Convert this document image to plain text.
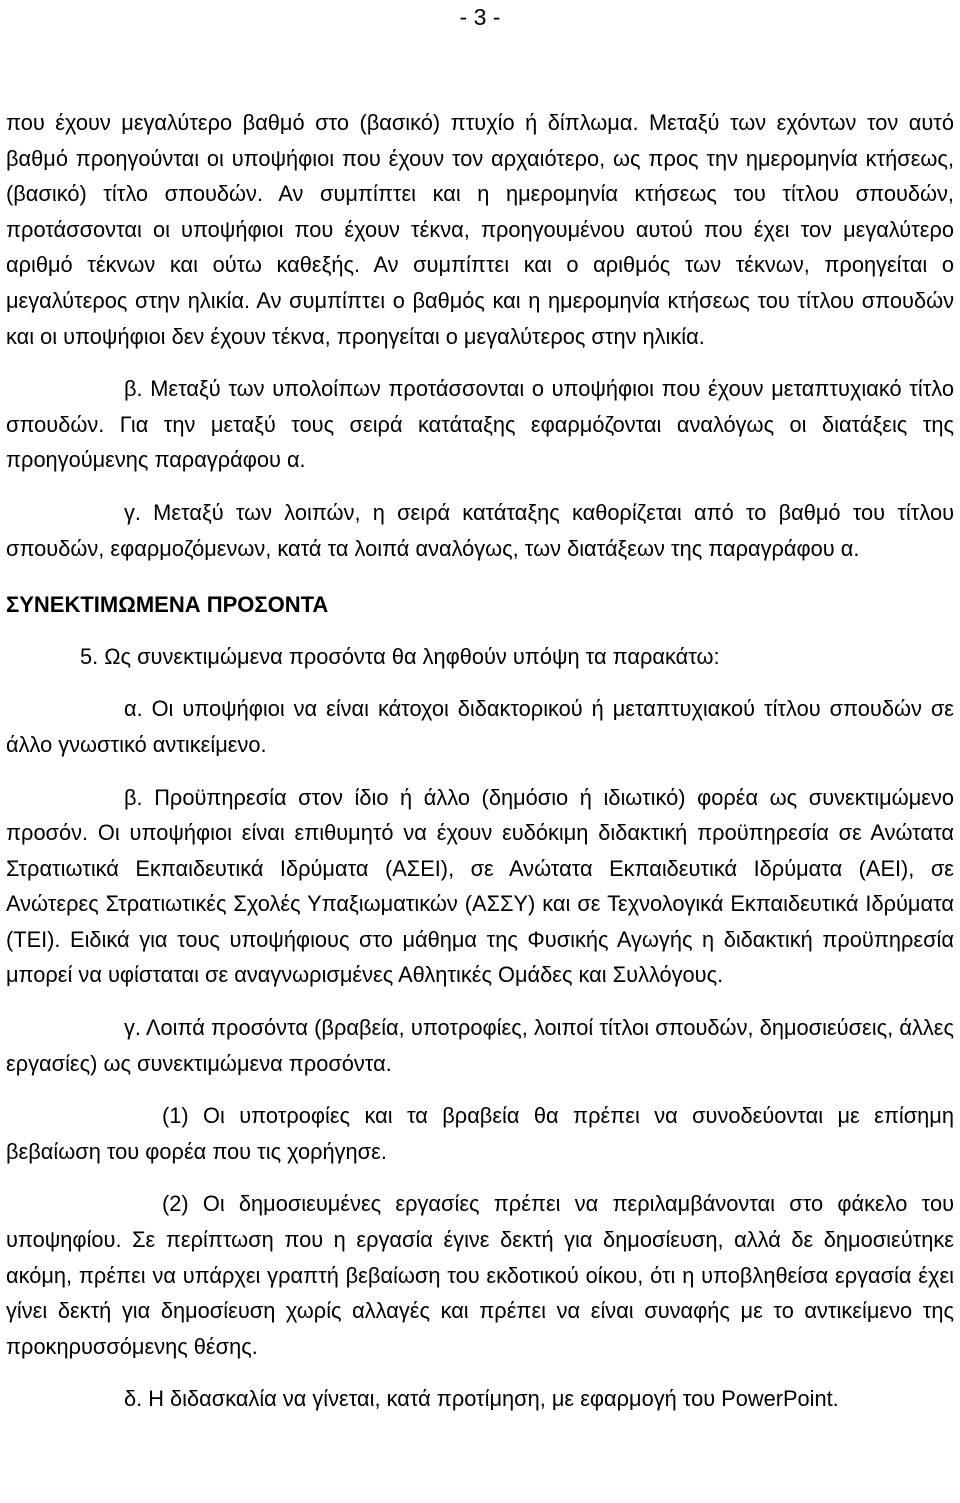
- 3 -

που έχουν μεγαλύτερο βαθμό στο (βασικό) πτυχίο ή δίπλωμα. Μεταξύ των εχόντων τον αυτό βαθμό προηγούνται οι υποψήφιοι που έχουν τον αρχαιότερο, ως προς την ημερομηνία κτήσεως, (βασικό) τίτλο σπουδών. Αν συμπίπτει και η ημερομηνία κτήσεως του τίτλου σπουδών, προτάσσονται οι υποψήφιοι που έχουν τέκνα, προηγουμένου αυτού που έχει τον μεγαλύτερο αριθμό τέκνων και ούτω καθεξής. Αν συμπίπτει και ο αριθμός των τέκνων, προηγείται ο μεγαλύτερος στην ηλικία. Αν συμπίπτει ο βαθμός και η ημερομηνία κτήσεως του τίτλου σπουδών και οι υποψήφιοι δεν έχουν τέκνα, προηγείται ο μεγαλύτερος στην ηλικία.

β. Μεταξύ των υπολοίπων προτάσσονται ο υποψήφιοι που έχουν μεταπτυχιακό τίτλο σπουδών. Για την μεταξύ τους σειρά κατάταξης εφαρμόζονται αναλόγως οι διατάξεις της προηγούμενης παραγράφου α.

γ. Μεταξύ των λοιπών, η σειρά κατάταξης καθορίζεται από το βαθμό του τίτλου σπουδών, εφαρμοζόμενων, κατά τα λοιπά αναλόγως, των διατάξεων της παραγράφου α.

ΣΥΝΕΚΤΙΜΩΜΕΝΑ ΠΡΟΣΟΝΤΑ

5. Ως συνεκτιμώμενα προσόντα θα ληφθούν υπόψη τα παρακάτω:

α. Οι υποψήφιοι να είναι κάτοχοι διδακτορικού ή μεταπτυχιακού τίτλου σπουδών σε άλλο γνωστικό αντικείμενο.

β. Προϋπηρεσία στον ίδιο ή άλλο (δημόσιο ή ιδιωτικό) φορέα ως συνεκτιμώμενο προσόν. Οι υποψήφιοι είναι επιθυμητό να έχουν ευδόκιμη διδακτική προϋπηρεσία σε Ανώτατα Στρατιωτικά Εκπαιδευτικά Ιδρύματα (ΑΣΕΙ), σε Ανώτατα Εκπαιδευτικά Ιδρύματα (ΑΕΙ), σε Ανώτερες Στρατιωτικές Σχολές Υπαξιωματικών (ΑΣΣΥ) και σε Τεχνολογικά Εκπαιδευτικά Ιδρύματα (ΤΕΙ). Ειδικά για τους υποψήφιους στο μάθημα της Φυσικής Αγωγής η διδακτική προϋπηρεσία μπορεί να υφίσταται σε αναγνωρισμένες Αθλητικές Ομάδες και Συλλόγους.

γ. Λοιπά προσόντα (βραβεία, υποτροφίες, λοιποί τίτλοι σπουδών, δημοσιεύσεις, άλλες εργασίες) ως συνεκτιμώμενα προσόντα.

(1) Οι υποτροφίες και τα βραβεία θα πρέπει να συνοδεύονται με επίσημη βεβαίωση του φορέα που τις χορήγησε.

(2) Οι δημοσιευμένες εργασίες πρέπει να περιλαμβάνονται στο φάκελο του υποψηφίου. Σε περίπτωση που η εργασία έγινε δεκτή για δημοσίευση, αλλά δε δημοσιεύτηκε ακόμη, πρέπει να υπάρχει γραπτή βεβαίωση του εκδοτικού οίκου, ότι η υποβληθείσα εργασία έχει γίνει δεκτή για δημοσίευση χωρίς αλλαγές και πρέπει να είναι συναφής με το αντικείμενο της προκηρυσσόμενης θέσης.

δ. Η διδασκαλία να γίνεται, κατά προτίμηση, με εφαρμογή του PowerPoint.
